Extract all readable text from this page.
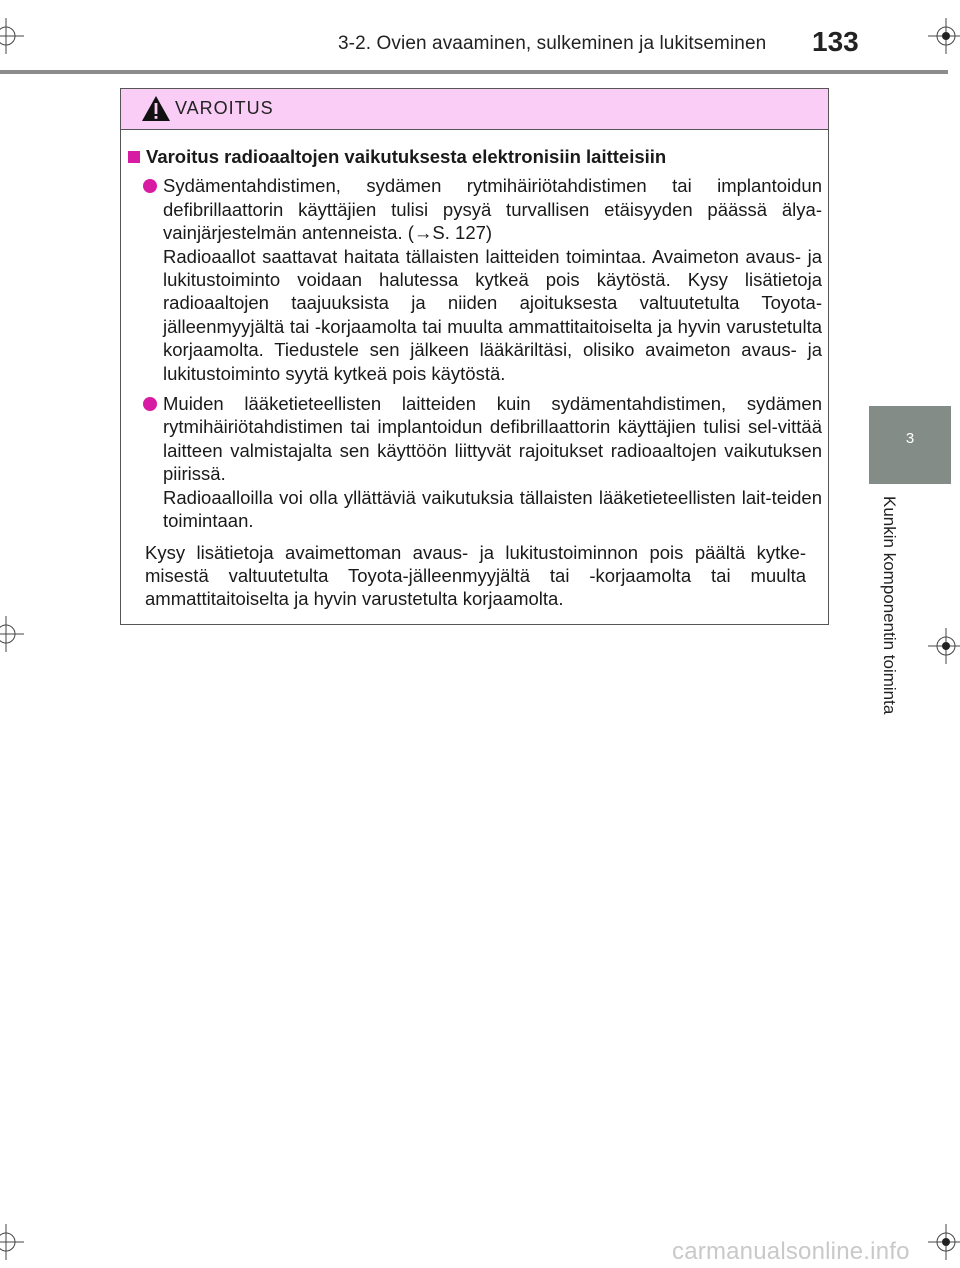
3-2. Ovien avaaminen, sulkeminen ja lukitseminen 133
3
Kunkin komponentin toiminta
VAROITUS
Varoitus radioaaltojen vaikutuksesta elektronisiin laitteisiin

Sydämentahdistimen, sydämen rytmihäiriötahdistimen tai implantoidun defibrillaattorin käyttäjien tulisi pysyä turvallisen etäisyyden päässä älya-vainjärjestelmän antenneista. (→S. 127)

Radioaallot saattavat haitata tällaisten laitteiden toimintaa. Avaimeton avaus- ja lukitustoiminto voidaan halutessa kytkeä pois käytöstä. Kysy lisätietoja radioaaltojen taajuuksista ja niiden ajoituksesta valtuutetulta Toyota-jälleenmyyjältä tai -korjaamolta tai muulta ammattitaitoiselta ja hyvin varustetulta korjaamolta. Tiedustele sen jälkeen lääkäriltäsi, olisiko avaimeton avaus- ja lukitustoiminto syytä kytkeä pois käytöstä.

Muiden lääketieteellisten laitteiden kuin sydämentahdistimen, sydämen rytmihäiriötahdistimen tai implantoidun defibrillaattorin käyttäjien tulisi sel-vittää laitteen valmistajalta sen käyttöön liittyvät rajoitukset radioaaltojen vaikutuksen piirissä.

Radioaalloilla voi olla yllättäviä vaikutuksia tällaisten lääketieteellisten lait-teiden toimintaan.

Kysy lisätietoja avaimettoman avaus- ja lukitustoiminnon pois päältä kytke-misestä valtuutetulta Toyota-jälleenmyyjältä tai -korjaamolta tai muulta ammattitaitoiselta ja hyvin varustetulta korjaamolta.

carmanualsonline.info
